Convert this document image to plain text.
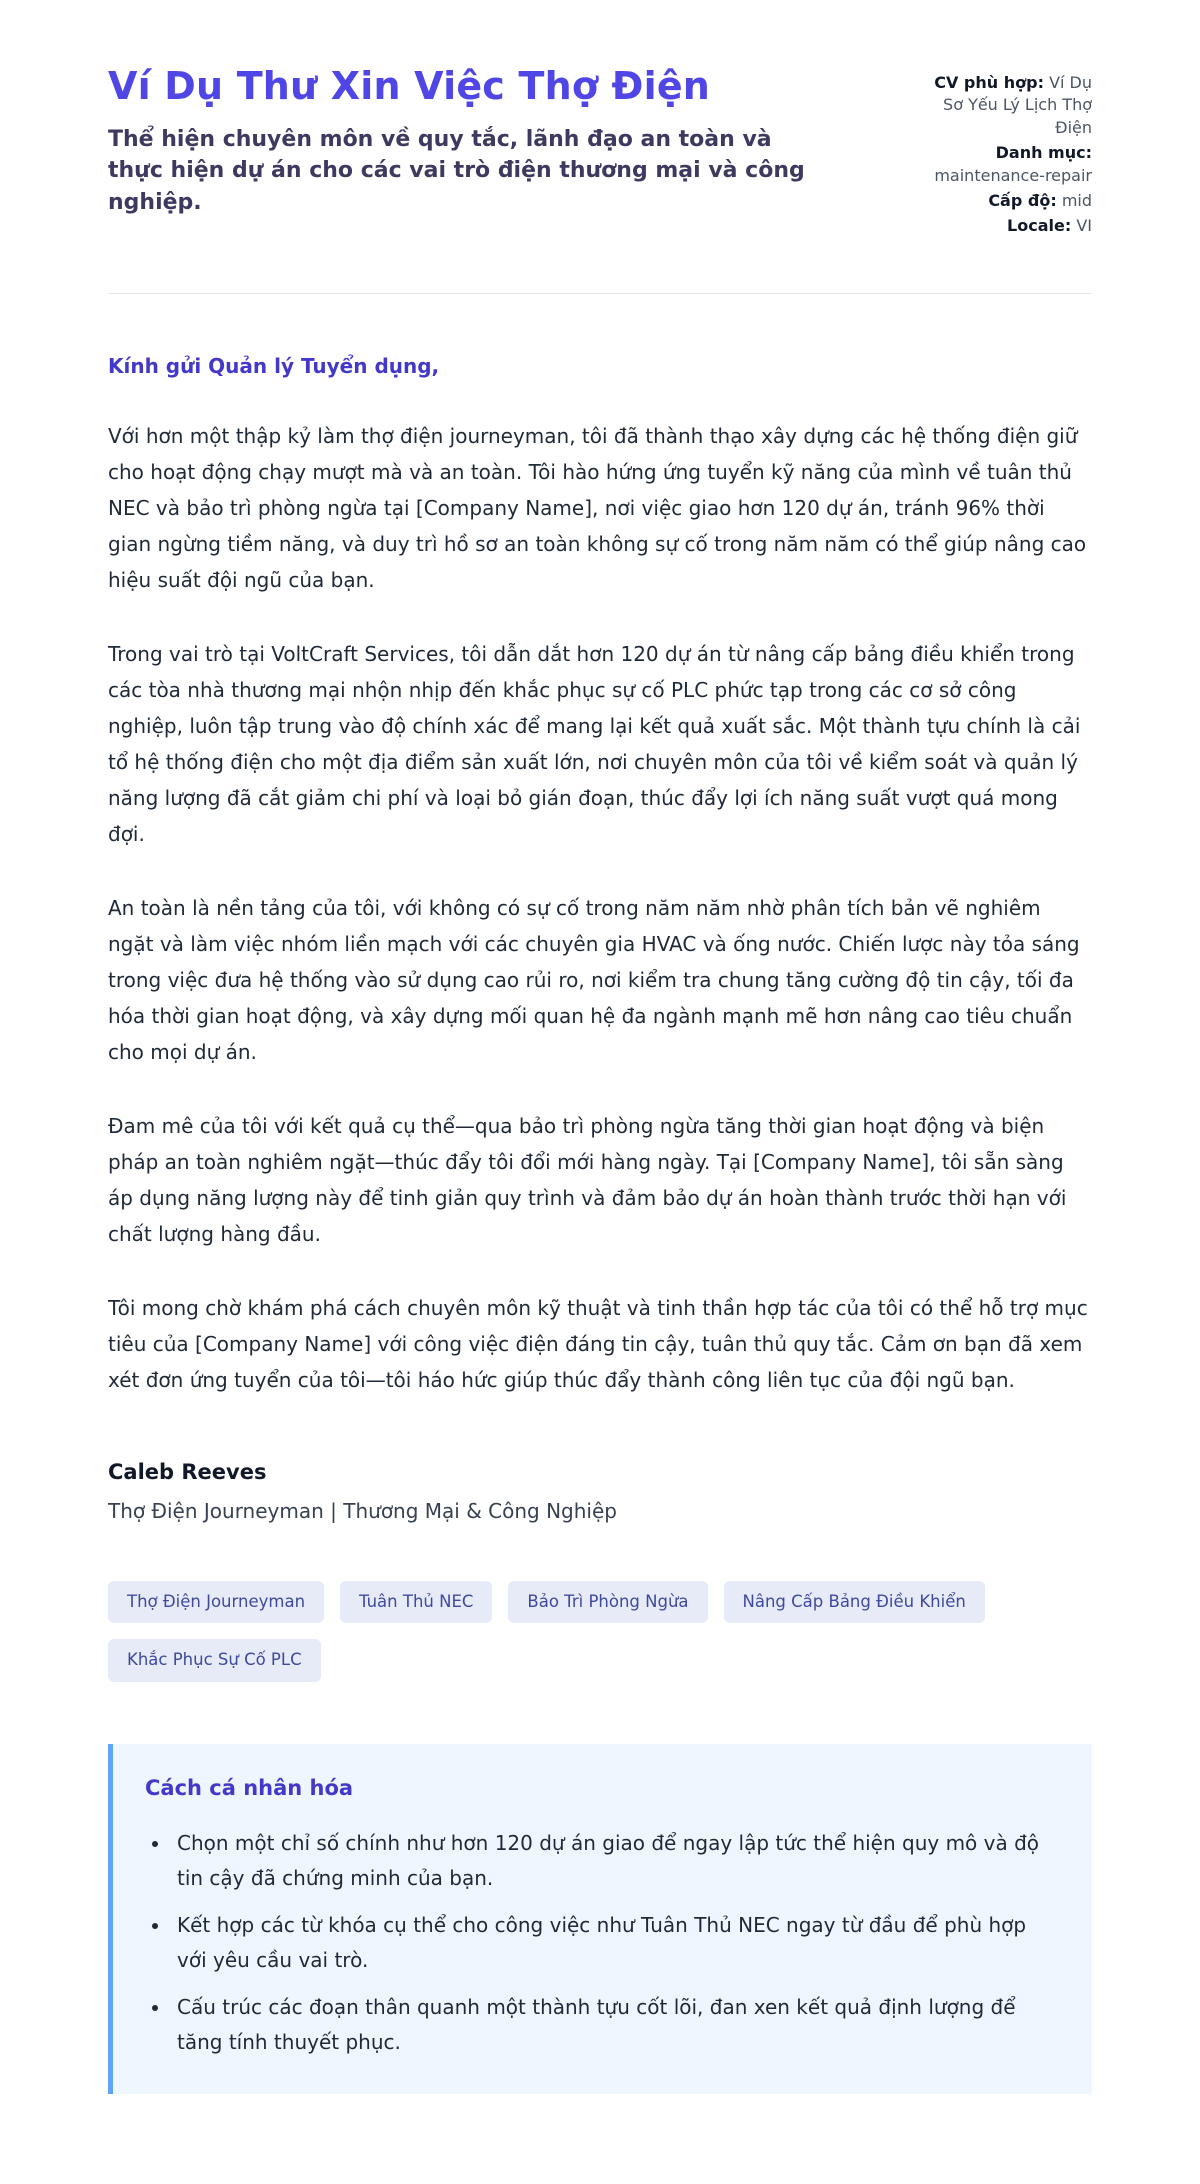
Ví Dụ Thư Xin Việc Thợ Điện
Thể hiện chuyên môn về quy tắc, lãnh đạo an toàn và thực hiện dự án cho các vai trò điện thương mại và công nghiệp.
CV phù hợp: Ví Dụ Sơ Yếu Lý Lịch Thợ Điện
Danh mục: maintenance-repair
Cấp độ: mid
Locale: VI

Kính gửi Quản lý Tuyển dụng,

Với hơn một thập kỷ làm thợ điện journeyman, tôi đã thành thạo xây dựng các hệ thống điện giữ cho hoạt động chạy mượt mà và an toàn. Tôi hào hứng ứng tuyển kỹ năng của mình về tuân thủ NEC và bảo trì phòng ngừa tại [Company Name], nơi việc giao hơn 120 dự án, tránh 96% thời gian ngừng tiềm năng, và duy trì hồ sơ an toàn không sự cố trong năm năm có thể giúp nâng cao hiệu suất đội ngũ của bạn.

Trong vai trò tại VoltCraft Services, tôi dẫn dắt hơn 120 dự án từ nâng cấp bảng điều khiển trong các tòa nhà thương mại nhộn nhịp đến khắc phục sự cố PLC phức tạp trong các cơ sở công nghiệp, luôn tập trung vào độ chính xác để mang lại kết quả xuất sắc. Một thành tựu chính là cải tổ hệ thống điện cho một địa điểm sản xuất lớn, nơi chuyên môn của tôi về kiểm soát và quản lý năng lượng đã cắt giảm chi phí và loại bỏ gián đoạn, thúc đẩy lợi ích năng suất vượt quá mong đợi.

An toàn là nền tảng của tôi, với không có sự cố trong năm năm nhờ phân tích bản vẽ nghiêm ngặt và làm việc nhóm liền mạch với các chuyên gia HVAC và ống nước. Chiến lược này tỏa sáng trong việc đưa hệ thống vào sử dụng cao rủi ro, nơi kiểm tra chung tăng cường độ tin cậy, tối đa hóa thời gian hoạt động, và xây dựng mối quan hệ đa ngành mạnh mẽ hơn nâng cao tiêu chuẩn cho mọi dự án.

Đam mê của tôi với kết quả cụ thể—qua bảo trì phòng ngừa tăng thời gian hoạt động và biện pháp an toàn nghiêm ngặt—thúc đẩy tôi đổi mới hàng ngày. Tại [Company Name], tôi sẵn sàng áp dụng năng lượng này để tinh giản quy trình và đảm bảo dự án hoàn thành trước thời hạn với chất lượng hàng đầu.

Tôi mong chờ khám phá cách chuyên môn kỹ thuật và tinh thần hợp tác của tôi có thể hỗ trợ mục tiêu của [Company Name] với công việc điện đáng tin cậy, tuân thủ quy tắc. Cảm ơn bạn đã xem xét đơn ứng tuyển của tôi—tôi háo hức giúp thúc đẩy thành công liên tục của đội ngũ bạn.

Caleb Reeves

Thợ Điện Journeyman | Thương Mại & Công Nghiệp

Thợ Điện Journeyman	Tuân Thủ NEC	Bảo Trì Phòng Ngừa	Nâng Cấp Bảng Điều Khiển
Khắc Phục Sự Cố PLC

Cách cá nhân hóa

• Chọn một chỉ số chính như hơn 120 dự án giao để ngay lập tức thể hiện quy mô và độ tin cậy đã chứng minh của bạn.
• Kết hợp các từ khóa cụ thể cho công việc như Tuân Thủ NEC ngay từ đầu để phù hợp với yêu cầu vai trò.
• Cấu trúc các đoạn thân quanh một thành tựu cốt lõi, đan xen kết quả định lượng để tăng tính thuyết phục.
